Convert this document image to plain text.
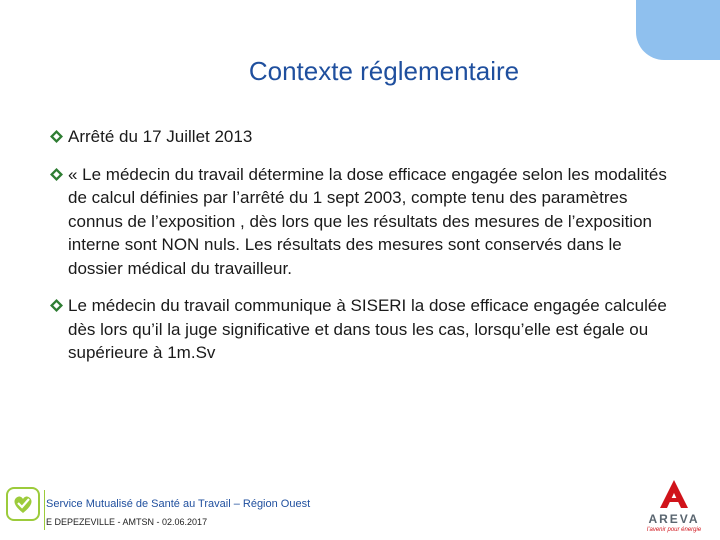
Contexte réglementaire
Arrêté du 17 Juillet 2013
« Le médecin du travail détermine la dose efficace engagée selon les modalités de calcul définies par l’arrêté du 1 sept 2003, compte tenu des paramètres connus de l’exposition , dès lors que les résultats des mesures de l’exposition interne sont NON nuls. Les résultats des mesures sont conservés dans le dossier médical du travailleur.
Le médecin du travail communique à SISERI la dose efficace engagée calculée dès lors qu’il la juge significative et dans tous les cas, lorsqu’elle est égale ou supérieure à 1m.Sv
Service Mutualisé de Santé au Travail – Région Ouest
E DEPEZEVILLE - AMTSN - 02.06.2017	AREVA
l’avenir pour énergie
